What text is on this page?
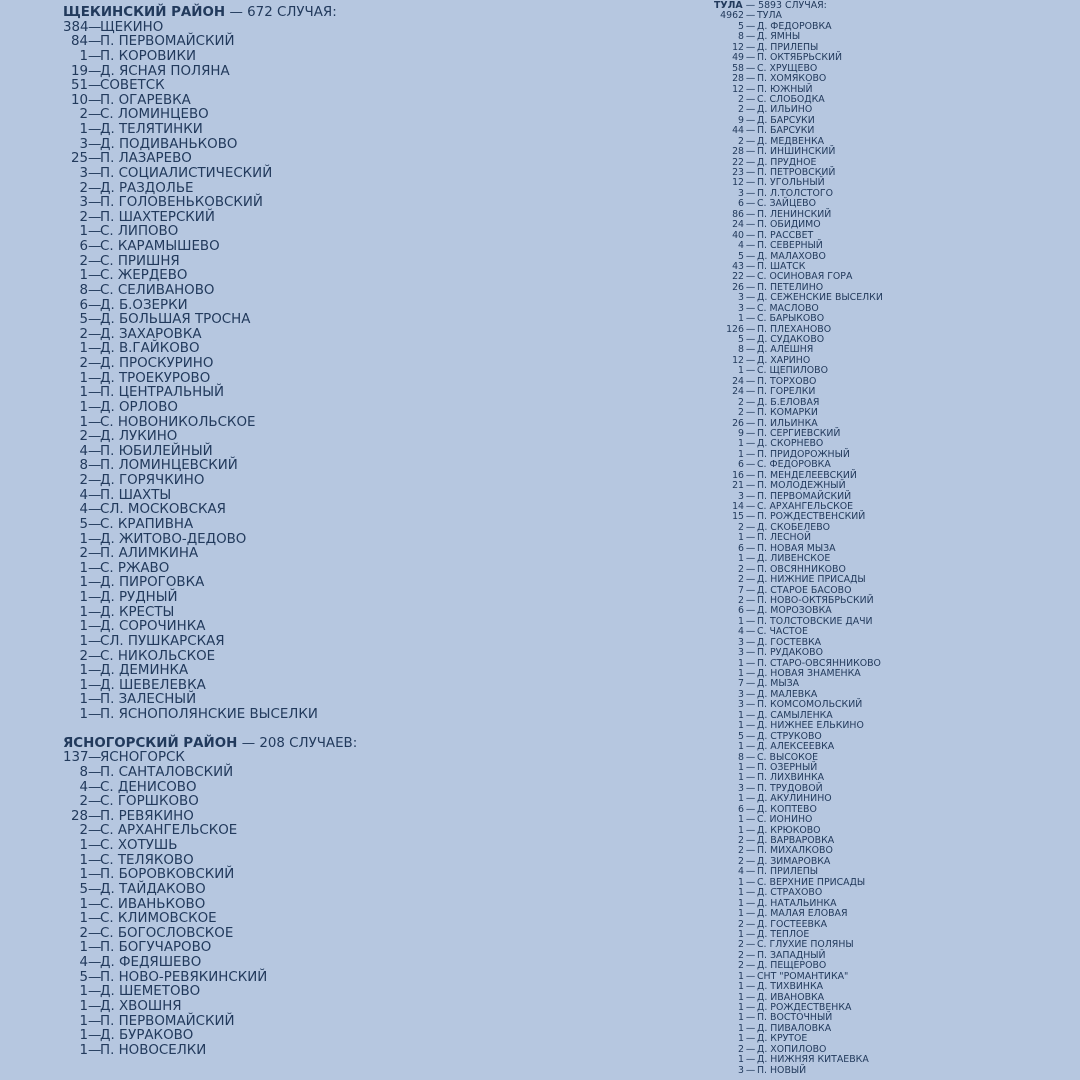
ЩЕКИНСКИЙ РАЙОН — 672 СЛУЧАЯ:
384 —
ЩЕКИНО
84 —
П. ПЕРВОМАЙСКИЙ
1 —
П. КОРОВИКИ
19 —
Д. ЯСНАЯ ПОЛЯНА
51 —
СОВЕТСК
10 —
П. ОГАРЕВКА
2 —
С. ЛОМИНЦЕВО
1 —
Д. ТЕЛЯТИНКИ
3 —
Д. ПОДИВАНЬКОВО
25 —
П. ЛАЗАРЕВО
3 —
П. СОЦИАЛИСТИЧЕСКИЙ
2 —
Д. РАЗДОЛЬЕ
3 —
П. ГОЛОВЕНЬКОВСКИЙ
2 —
П. ШАХТЕРСКИЙ
1 —
С. ЛИПОВО
6 —
С. КАРАМЫШЕВО
2 —
С. ПРИШНЯ
1 —
С. ЖЕРДЕВО
8 —
С. СЕЛИВАНОВО
6 —
Д. Б.ОЗЕРКИ
5 —
Д. БОЛЬШАЯ ТРОСНА
2 —
Д. ЗАХАРОВКА
1 —
Д. В.ГАЙКОВО
2 —
Д. ПРОСКУРИНО
1 —
Д. ТРОЕКУРОВО
1 —
П. ЦЕНТРАЛЬНЫЙ
1 —
Д. ОРЛОВО
1 —
С. НОВОНИКОЛЬСКОЕ
2 —
Д. ЛУКИНО
4 —
П. ЮБИЛЕЙНЫЙ
8 —
П. ЛОМИНЦЕВСКИЙ
2 —
Д. ГОРЯЧКИНО
4 —
П. ШАХТЫ
4 —
СЛ. МОСКОВСКАЯ
5 —
С. КРАПИВНА
1 —
Д. ЖИТОВО-ДЕДОВО
2 —
П. АЛИМКИНА
1 —
С. РЖАВО
1 —
Д. ПИРОГОВКА
1 —
Д. РУДНЫЙ
1 —
Д. КРЕСТЫ
1 —
Д. СОРОЧИНКА
1 —
СЛ. ПУШКАРСКАЯ
2 —
С. НИКОЛЬСКОЕ
1 —
Д. ДЕМИНКА
1 —
Д. ШЕВЕЛЕВКА
1 —
П. ЗАЛЕСНЫЙ
1 —
П. ЯСНОПОЛЯНСКИЕ ВЫСЕЛКИ
ЯСНОГОРСКИЙ РАЙОН — 208 СЛУЧАЕВ:
137 —
ЯСНОГОРСК
8 —
П. САНТАЛОВСКИЙ
4 —
С. ДЕНИСОВО
2 —
С. ГОРШКОВО
28 —
П. РЕВЯКИНО
2 —
С. АРХАНГЕЛЬСКОЕ
1 —
С. ХОТУШЬ
1 —
С. ТЕЛЯКОВО
1 —
П. БОРОВКОВСКИЙ
5 —
Д. ТАЙДАКОВО
1 —
С. ИВАНЬКОВО
1 —
С. КЛИМОВСКОЕ
2 —
С. БОГОСЛОВСКОЕ
1 —
П. БОГУЧАРОВО
4 —
Д. ФЕДЯШЕВО
5 —
П. НОВО-РЕВЯКИНСКИЙ
1 —
Д. ШЕМЕТОВО
1 —
Д. ХВОШНЯ
1 —
П. ПЕРВОМАЙСКИЙ
1 —
Д. БУРАКОВО
1 —
П. НОВОСЕЛКИ
ТУЛА — 5893 СЛУЧАЯ:
4962 — ТУЛА
5 — Д. ФЕДОРОВКА
8 — Д. ЯМНЫ
12 — Д. ПРИЛЕПЫ
49 — П. ОКТЯБРЬСКИЙ
58 — С. ХРУЩЕВО
28 — П. ХОМЯКОВО
12 — П. ЮЖНЫЙ
2 — С. СЛОБОДКА
2 — Д. ИЛЬИНО
9 — Д. БАРСУКИ
44 — П. БАРСУКИ
2 — Д. МЕДВЕНКА
28 — П. ИНШИНСКИЙ
22 — Д. ПРУДНОЕ
23 — П. ПЕТРОВСКИЙ
12 — П. УГОЛЬНЫЙ
3 — П. Л.ТОЛСТОГО
6 — С. ЗАЙЦЕВО
86 — П. ЛЕНИНСКИЙ
24 — П. ОБИДИМО
40 — П. РАССВЕТ
4 — П. СЕВЕРНЫЙ
5 — Д. МАЛАХОВО
43 — П. ШАТСК
22 — С. ОСИНОВАЯ ГОРА
26 — П. ПЕТЕЛИНО
3 — Д. СЕЖЕНСКИЕ ВЫСЕЛКИ
3 — С. МАСЛОВО
1 — С. БАРЫКОВО
126 — П. ПЛЕХАНОВО
5 — Д. СУДАКОВО
8 — Д. АЛЕШНЯ
12 — Д. ХАРИНО
1 — С. ЩЕПИЛОВО
24 — П. ТОРХОВО
24 — П. ГОРЕЛКИ
2 — Д. Б.ЕЛОВАЯ
2 — П. КОМАРКИ
26 — П. ИЛЬИНКА
9 — П. СЕРГИЕВСКИЙ
1 — Д. СКОРНЕВО
1 — П. ПРИДОРОЖНЫЙ
6 — С. ФЕДОРОВКА
16 — П. МЕНДЕЛЕЕВСКИЙ
21 — П. МОЛОДЕЖНЫЙ
3 — П. ПЕРВОМАЙСКИЙ
14 — С. АРХАНГЕЛЬСКОЕ
15 — П. РОЖДЕСТВЕНСКИЙ
2 — Д. СКОБЕЛЕВО
1 — П. ЛЕСНОЙ
6 — П. НОВАЯ МЫЗА
1 — Д. ЛИВЕНСКОЕ
2 — П. ОВСЯННИКОВО
2 — Д. НИЖНИЕ ПРИСАДЫ
7 — Д. СТАРОЕ БАСОВО
2 — П. НОВО-ОКТЯБРЬСКИЙ
6 — Д. МОРОЗОВКА
1 — П. ТОЛСТОВСКИЕ ДАЧИ
4 — С. ЧАСТОЕ
3 — Д. ГОСТЕВКА
3 — П. РУДАКОВО
1 — П. СТАРО-ОВСЯННИКОВО
1 — Д. НОВАЯ ЗНАМЕНКА
7 — Д. МЫЗА
3 — Д. МАЛЕВКА
3 — П. КОМСОМОЛЬСКИЙ
1 — Д. САМЫЛЕНКА
1 — Д. НИЖНЕЕ ЕЛЬКИНО
5 — Д. СТРУКОВО
1 — Д. АЛЕКСЕЕВКА
8 — С. ВЫСОКОЕ
1 — П. ОЗЕРНЫЙ
1 — П. ЛИХВИНКА
3 — П. ТРУДОВОЙ
1 — Д. АКУЛИНИНО
6 — Д. КОПТЕВО
1 — С. ИОНИНО
1 — Д. КРЮКОВО
2 — Д. ВАРВАРОВКА
2 — П. МИХАЛКОВО
2 — Д. ЗИМАРОВКА
4 — П. ПРИЛЕПЫ
1 — С. ВЕРХНИЕ ПРИСАДЫ
1 — Д. СТРАХОВО
1 — Д. НАТАЛЬИНКА
1 — Д. МАЛАЯ ЕЛОВАЯ
2 — Д. ГОСТЕЕВКА
1 — Д. ТЕПЛОЕ
2 — С. ГЛУХИЕ ПОЛЯНЫ
2 — П. ЗАПАДНЫЙ
2 — Д. ПЕЩЕРОВО
1 — СНТ "РОМАНТИКА"
1 — Д. ТИХВИНКА
1 — Д. ИВАНОВКА
1 — Д. РОЖДЕСТВЕНКА
1 — П. ВОСТОЧНЫЙ
1 — Д. ПИВАЛОВКА
1 — Д. КРУТОЕ
2 — Д. ХОПИЛОВО
1 — Д. НИЖНЯЯ КИТАЕВКА
3 — П. НОВЫЙ
